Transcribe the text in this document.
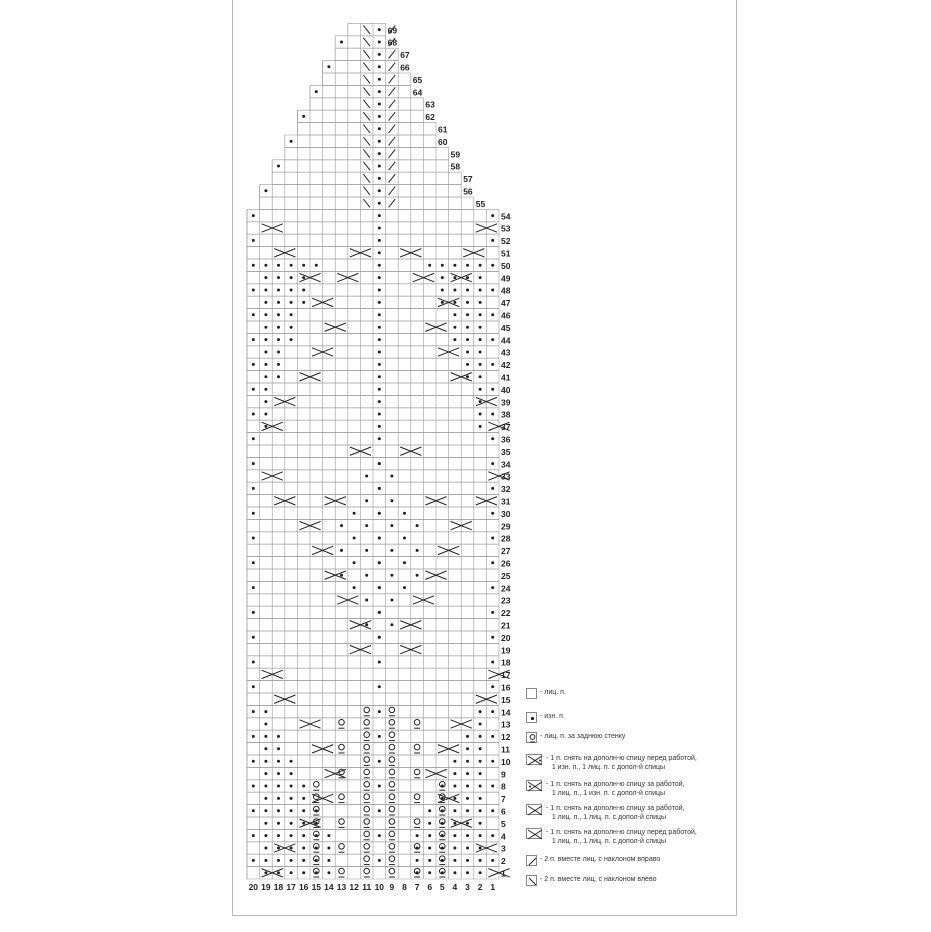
1
2
3
4
5
6
7
8
9
10
11
12
13
14
15
16
17
18
19
20
21
22
23
24
25
26
27
28
29
30
31
32
33
34
35
36
37
38
39
40
41
42
43
44
45
46
47
48
49
50
51
52
53
54
55
56
57
58
59
60
61
62
63
64
65
66
67
68
69
20 19 18 17 16 15 14 13 12 11 10 9 8 7 6 5 4 3 2 1
- лиц. п.
- изн. п.
- лиц. п. за заднюю стенку
- 1 п. снять на дополн-ю спицу перед работой,
1 изн. п., 1 лиц. п. с допол-й спицы
- 1 п. снять на дополн-ю спицу за работой,
1 лиц. п., 1 изн. п. с допол-й спицы
- 1 п. снять на дополн-ю спицу за работой,
1 лиц. п., 1 лиц. п. с допол-й спицы
- 1 п. снять на дополн-ю спицу перед работой,
1 лиц. п., 1 лиц. п. с допол-й спицы
- 2 п. вместе лиц. с наклоном вправо
- 2 п. вместе лиц. с наклоном влево
